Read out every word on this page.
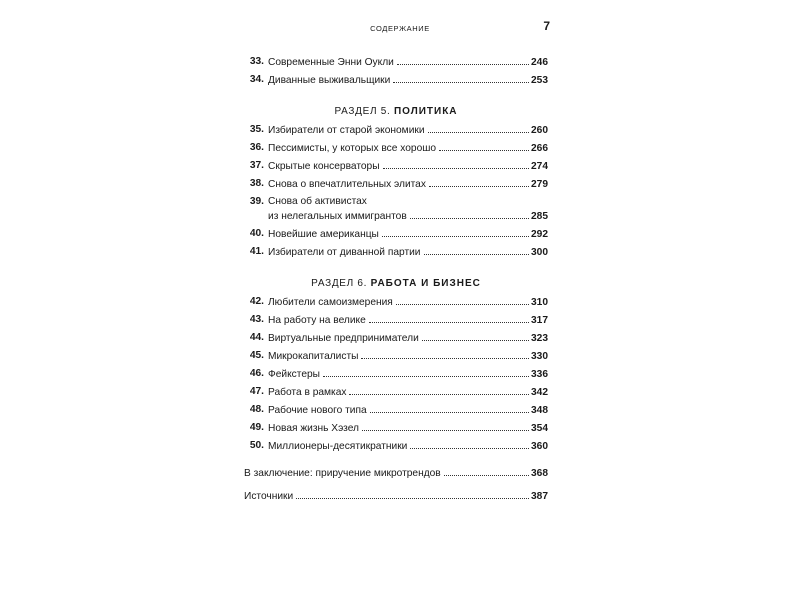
СОДЕРЖАНИЕ	7
33. Современные Энни Оукли	246
34. Диванные выживальщики	253
РАЗДЕЛ 5. ПОЛИТИКА
35. Избиратели от старой экономики	260
36. Пессимисты, у которых все хорошо	266
37. Скрытые консерваторы	274
38. Снова о впечатлительных элитах	279
39. Снова об активистах
из нелегальных иммигрантов	285
40. Новейшие американцы	292
41. Избиратели от диванной партии	300
РАЗДЕЛ 6. РАБОТА И БИЗНЕС
42. Любители самоизмерения	310
43. На работу на велике	317
44. Виртуальные предприниматели	323
45. Микрокапиталисты	330
46. Фейкстеры	336
47. Работа в рамках	342
48. Рабочие нового типа	348
49. Новая жизнь Хэзел	354
50. Миллионеры-десятикратники	360
В заключение: приручение микротрендов	368
Источники	387
